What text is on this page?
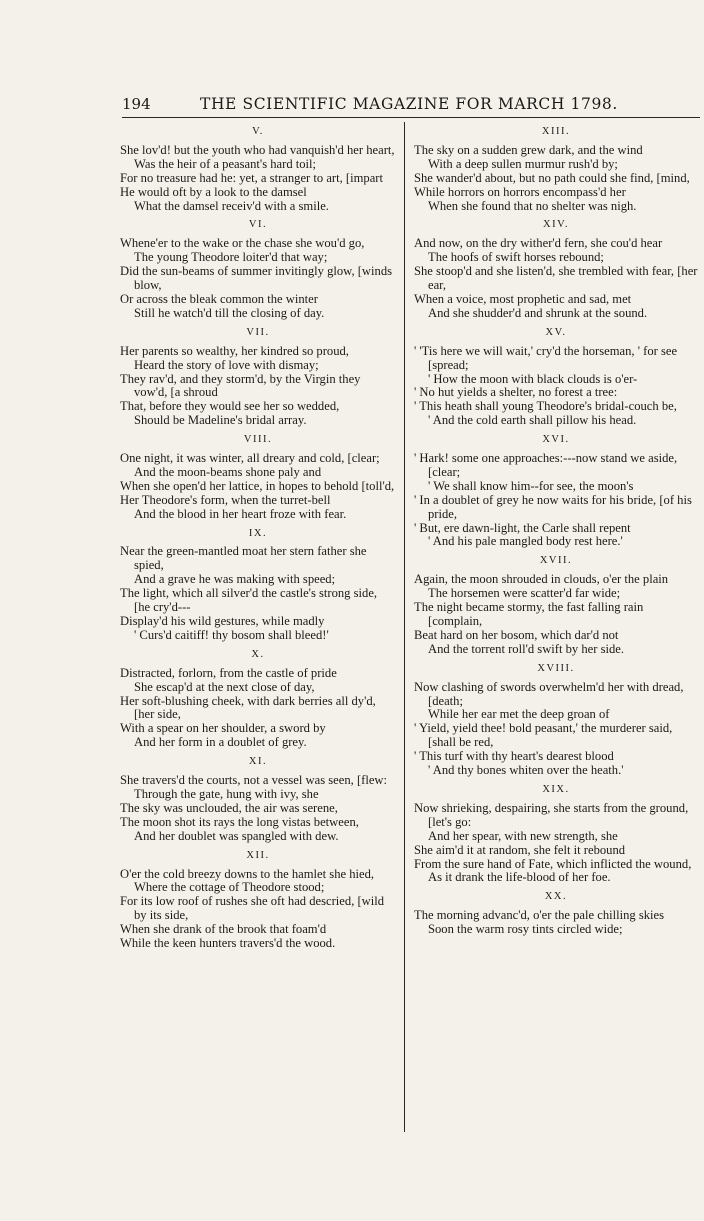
194	THE SCIENTIFIC MAGAZINE FOR MARCH 1798.
V.
She lov'd! but the youth who had vanquish'd her heart,
Was the heir of a peasant's hard toil;
For no treasure had he: yet, a stranger to art, [impart
He would oft by a look to the damsel
What the damsel receiv'd with a smile.
VI.
Whene'er to the wake or the chase she wou'd go,
The young Theodore loiter'd that way;
Did the sun-beams of summer invitingly glow, [winds blow,
Or across the bleak common the winter
Still he watch'd till the closing of day.
VII.
Her parents so wealthy, her kindred so proud,
Heard the story of love with dismay;
They rav'd, and they storm'd, by the Virgin they vow'd, [a shroud
That, before they would see her so wedded,
Should be Madeline's bridal array.
VIII.
One night, it was winter, all dreary and cold, [clear;
And the moon-beams shone paly and
When she open'd her lattice, in hopes to behold [toll'd,
Her Theodore's form, when the turret-bell
And the blood in her heart froze with fear.
IX.
Near the green-mantled moat her stern father she spied,
And a grave he was making with speed;
The light, which all silver'd the castle's strong side, [he cry'd---
Display'd his wild gestures, while madly
' Curs'd caitiff! thy bosom shall bleed!'
X.
Distracted, forlorn, from the castle of pride
She escap'd at the next close of day,
Her soft-blushing cheek, with dark berries all dy'd, [her side,
With a spear on her shoulder, a sword by
And her form in a doublet of grey.
XI.
She travers'd the courts, not a vessel was seen, [flew:
Through the gate, hung with ivy, she
The sky was unclouded, the air was serene,
The moon shot its rays the long vistas between,
And her doublet was spangled with dew.
XII.
O'er the cold breezy downs to the hamlet she hied,
Where the cottage of Theodore stood;
For its low roof of rushes she oft had descried, [wild by its side,
When she drank of the brook that foam'd
While the keen hunters travers'd the wood.
XIII.
The sky on a sudden grew dark, and the wind
With a deep sullen murmur rush'd by;
She wander'd about, but no path could she find, [mind,
While horrors on horrors encompass'd her
When she found that no shelter was nigh.
XIV.
And now, on the dry wither'd fern, she cou'd hear
The hoofs of swift horses rebound;
She stoop'd and she listen'd, she trembled with fear, [her ear,
When a voice, most prophetic and sad, met
And she shudder'd and shrunk at the sound.
XV.
' 'Tis here we will wait,' cry'd the horseman, ' for see [spread;
' How the moon with black clouds is o'er-
' No hut yields a shelter, no forest a tree:
' This heath shall young Theodore's bridal-couch be,
' And the cold earth shall pillow his head.
XVI.
' Hark! some one approaches:---now stand we aside, [clear;
' We shall know him--for see, the moon's
' In a doublet of grey he now waits for his bride, [of his pride,
' But, ere dawn-light, the Carle shall repent
' And his pale mangled body rest here.'
XVII.
Again, the moon shrouded in clouds, o'er the plain
The horsemen were scatter'd far wide;
The night became stormy, the fast falling rain [complain,
Beat hard on her bosom, which dar'd not
And the torrent roll'd swift by her side.
XVIII.
Now clashing of swords overwhelm'd her with dread, [death;
While her ear met the deep groan of
' Yield, yield thee! bold peasant,' the murderer said, [shall be red,
' This turf with thy heart's dearest blood
' And thy bones whiten over the heath.'
XIX.
Now shrieking, despairing, she starts from the ground, [let's go:
And her spear, with new strength, she
She aim'd it at random, she felt it rebound
From the sure hand of Fate, which inflicted the wound,
As it drank the life-blood of her foe.
XX.
The morning advanc'd, o'er the pale chilling skies
Soon the warm rosy tints circled wide;
